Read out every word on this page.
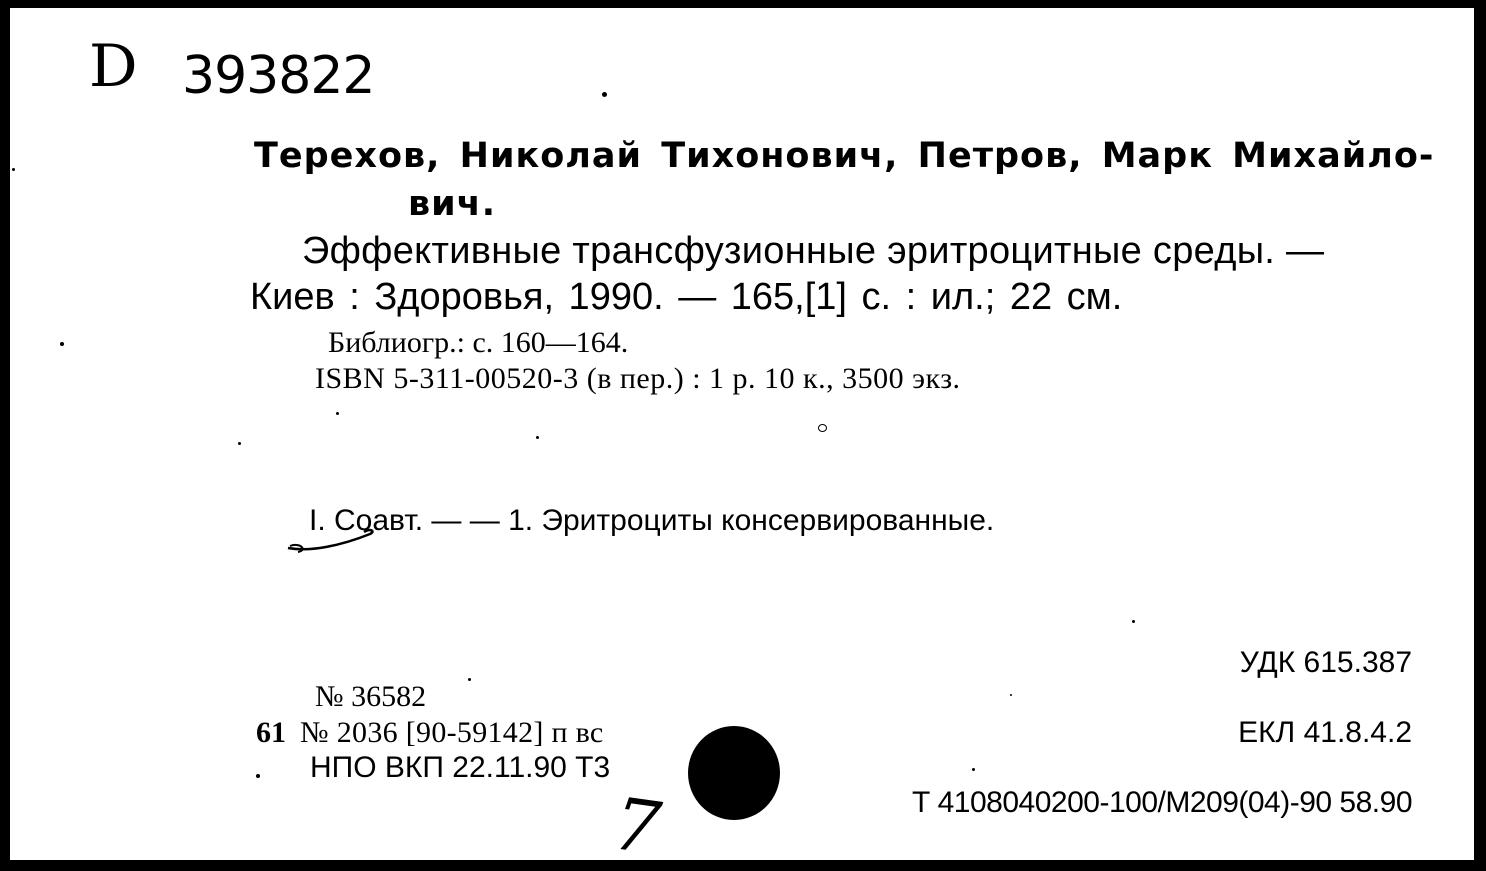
D 393822
Терехов, Николай Тихонович, Петров, Марк Михайло-
вич.
Эффективные трансфузионные эритроцитные среды. —
Киев : Здоровья, 1990. — 165,[1] с. : ил.; 22 см.
Библиогр.: с. 160—164.
ISBN 5-311-00520-3 (в пер.) : 1 р. 10 к., 3500 экз.
I. Соавт. — — 1. Эритроциты консервированные.
УДК 615.387
ЕКЛ 41.8.4.2
Т 4108040200-100/М209(04)-90 58.90
№ 36582
61 № 2036 [90-59142] п вс
НПО ВКП 22.11.90 Т3
7
